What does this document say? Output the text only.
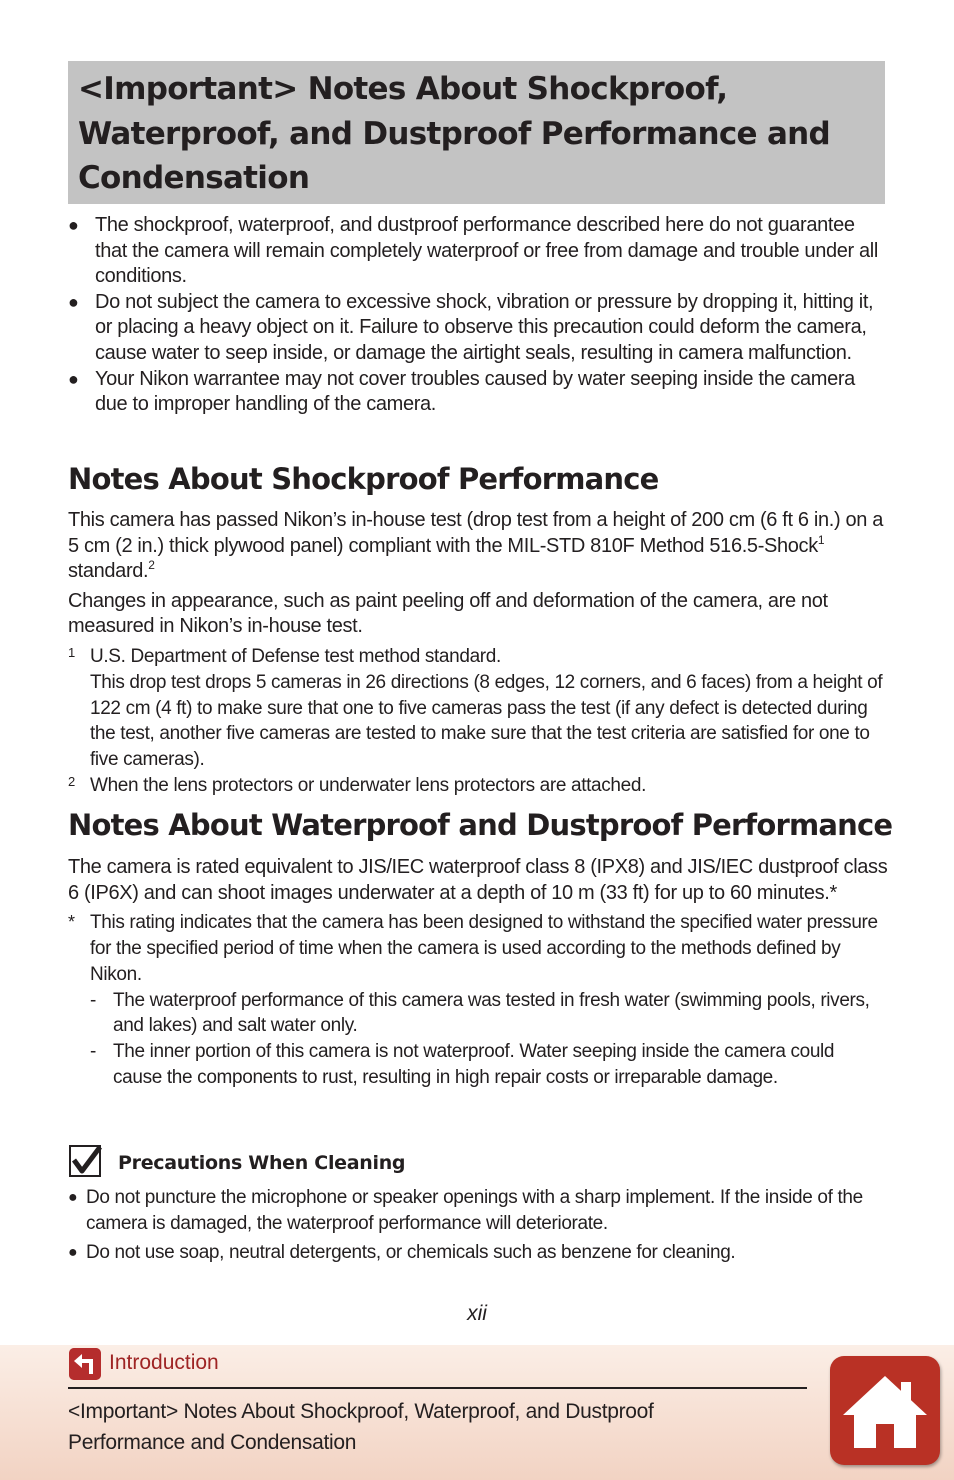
<Important> Notes About Shockproof, Waterproof, and Dustproof Performance and Condensation
● The shockproof, waterproof, and dustproof performance described here do not guarantee that the camera will remain completely waterproof or free from damage and trouble under all conditions.
● Do not subject the camera to excessive shock, vibration or pressure by dropping it, hitting it, or placing a heavy object on it. Failure to observe this precaution could deform the camera, cause water to seep inside, or damage the airtight seals, resulting in camera malfunction.
● Your Nikon warrantee may not cover troubles caused by water seeping inside the camera due to improper handling of the camera.
Notes About Shockproof Performance
This camera has passed Nikon’s in-house test (drop test from a height of 200 cm (6 ft 6 in.) on a 5 cm (2 in.) thick plywood panel) compliant with the MIL-STD 810F Method 516.5-Shock$^1$ standard.$^2$
Changes in appearance, such as paint peeling off and deformation of the camera, are not measured in Nikon’s in-house test.
1 U.S. Department of Defense test method standard.
This drop test drops 5 cameras in 26 directions (8 edges, 12 corners, and 6 faces) from a height of 122 cm (4 ft) to make sure that one to five cameras pass the test (if any defect is detected during the test, another five cameras are tested to make sure that the test criteria are satisfied for one to five cameras).
2 When the lens protectors or underwater lens protectors are attached.
Notes About Waterproof and Dustproof Performance
The camera is rated equivalent to JIS/IEC waterproof class 8 (IPX8) and JIS/IEC dustproof class 6 (IP6X) and can shoot images underwater at a depth of 10 m (33 ft) for up to 60 minutes.*
* This rating indicates that the camera has been designed to withstand the specified water pressure for the specified period of time when the camera is used according to the methods defined by Nikon.
- The waterproof performance of this camera was tested in fresh water (swimming pools, rivers, and lakes) and salt water only.
- The inner portion of this camera is not waterproof. Water seeping inside the camera could cause the components to rust, resulting in high repair costs or irreparable damage.
Precautions When Cleaning
● Do not puncture the microphone or speaker openings with a sharp implement. If the inside of the camera is damaged, the waterproof performance will deteriorate.
● Do not use soap, neutral detergents, or chemicals such as benzene for cleaning.
xii
Introduction
<Important> Notes About Shockproof, Waterproof, and Dustproof Performance and Condensation
